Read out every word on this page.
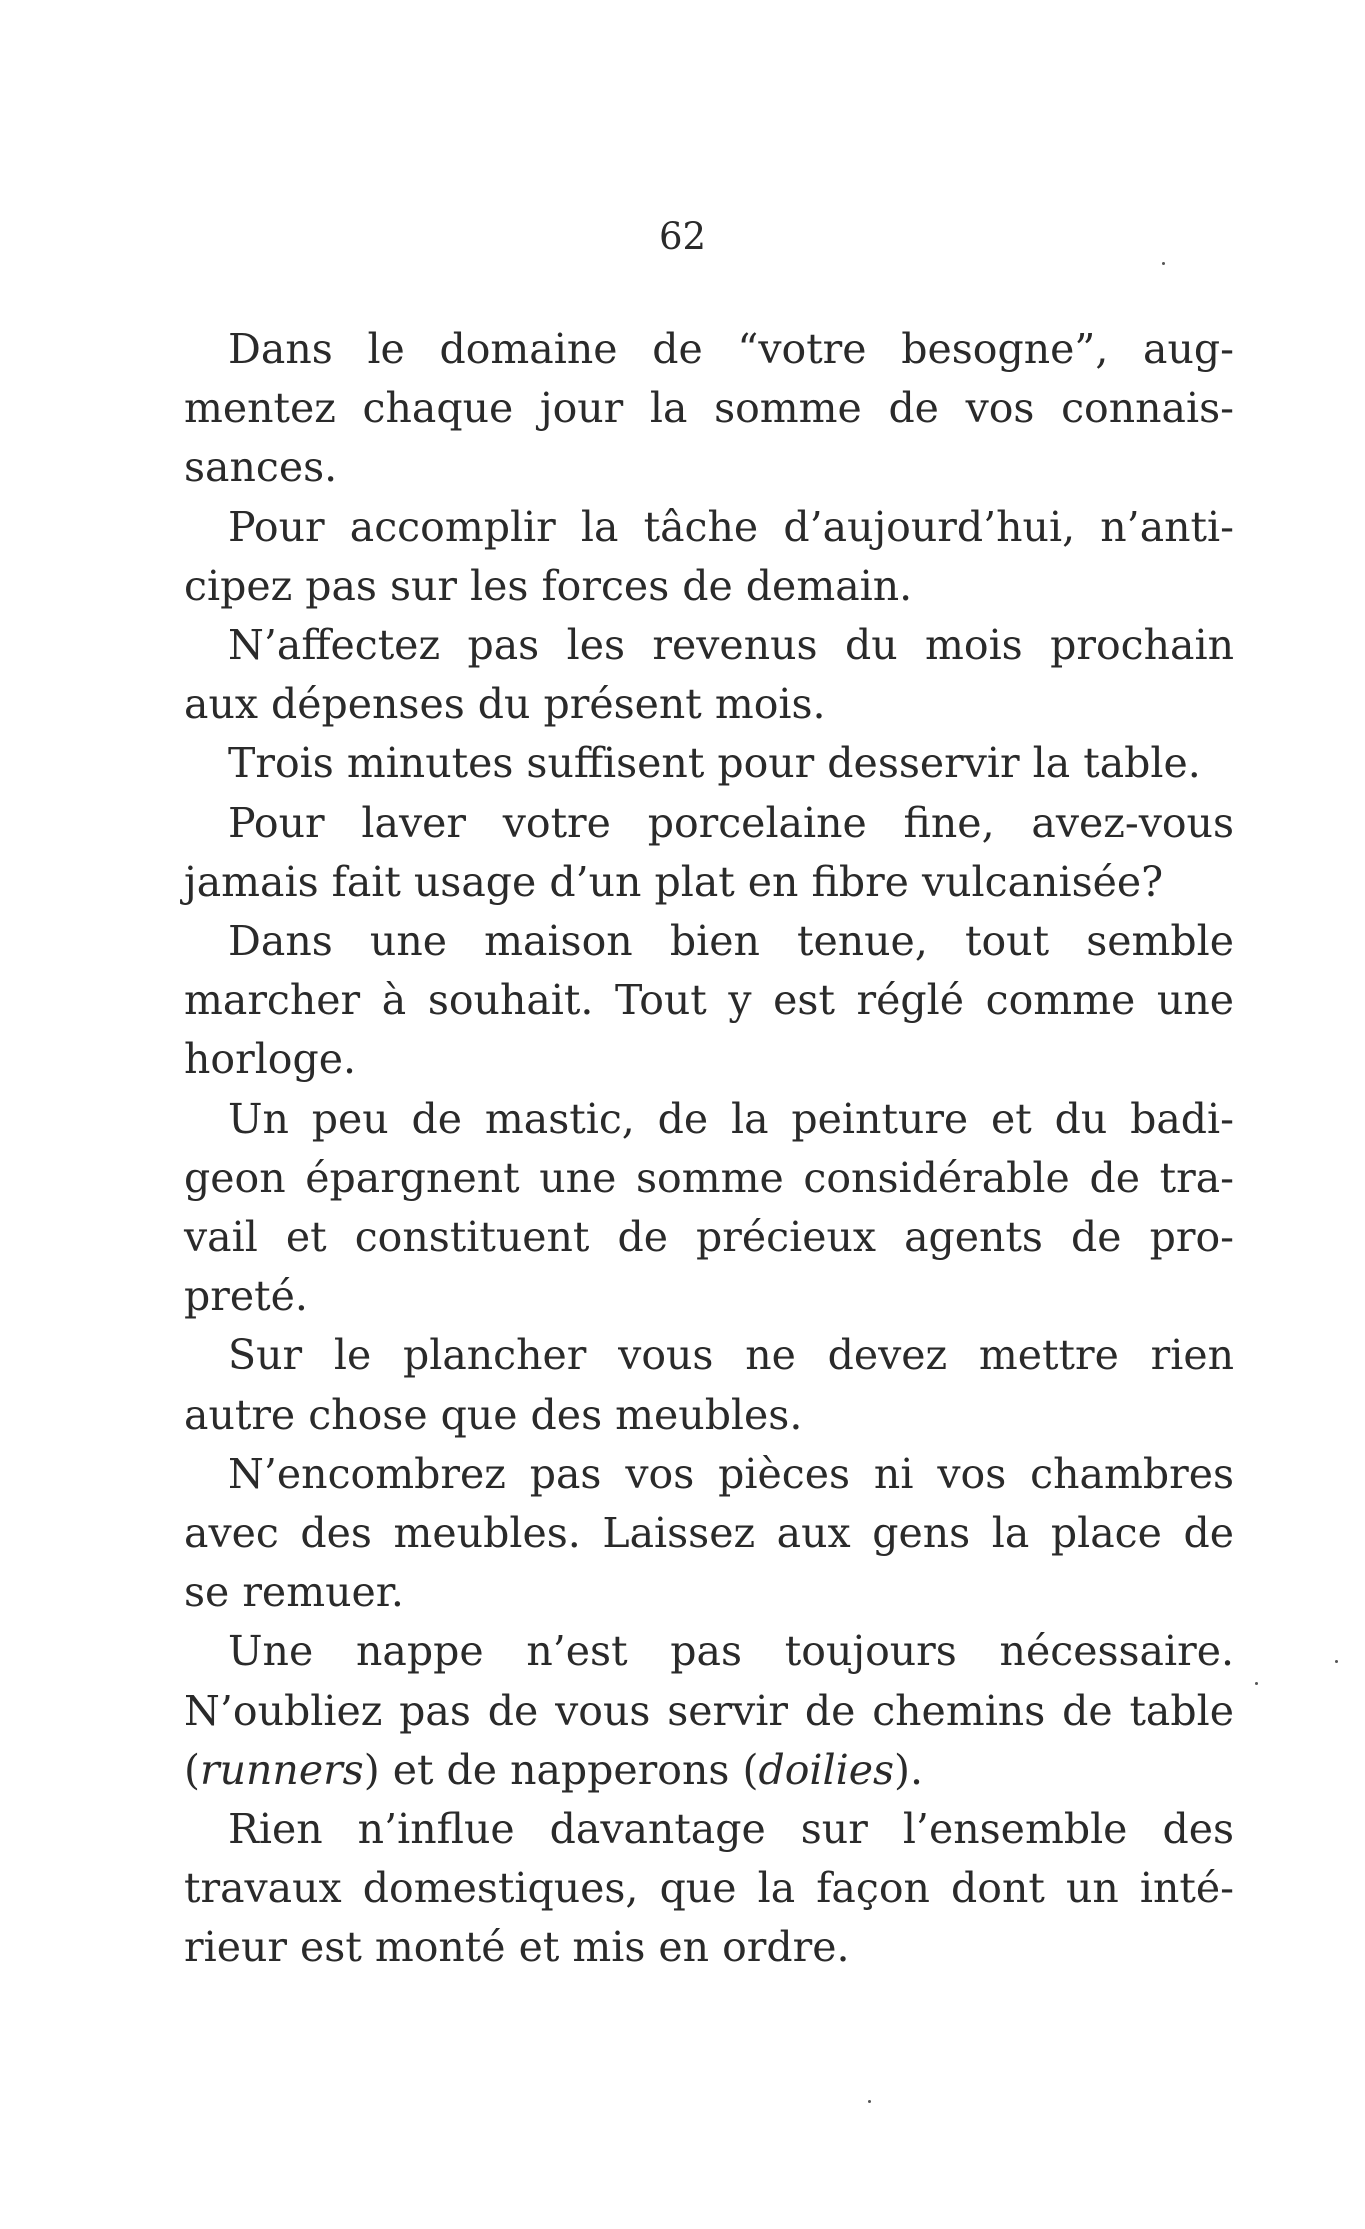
62

Dans le domaine de “votre besogne”, aug-
mentez chaque jour la somme de vos connais-
sances.

Pour accomplir la tâche d’aujourd’hui, n’anti-
cipez pas sur les forces de demain.

N’affectez pas les revenus du mois prochain
aux dépenses du présent mois.

Trois minutes suffisent pour desservir la table.

Pour laver votre porcelaine fine, avez-vous
jamais fait usage d’un plat en fibre vulcanisée?

Dans une maison bien tenue, tout semble
marcher à souhait. Tout y est réglé comme une
horloge.

Un peu de mastic, de la peinture et du badi-
geon épargnent une somme considérable de tra-
vail et constituent de précieux agents de pro-
preté.

Sur le plancher vous ne devez mettre rien
autre chose que des meubles.

N’encombrez pas vos pièces ni vos chambres
avec des meubles. Laissez aux gens la place de
se remuer.

Une nappe n’est pas toujours nécessaire.
N’oubliez pas de vous servir de chemins de table
(runners) et de napperons (doilies).

Rien n’influe davantage sur l’ensemble des
travaux domestiques, que la façon dont un inté-
rieur est monté et mis en ordre.
